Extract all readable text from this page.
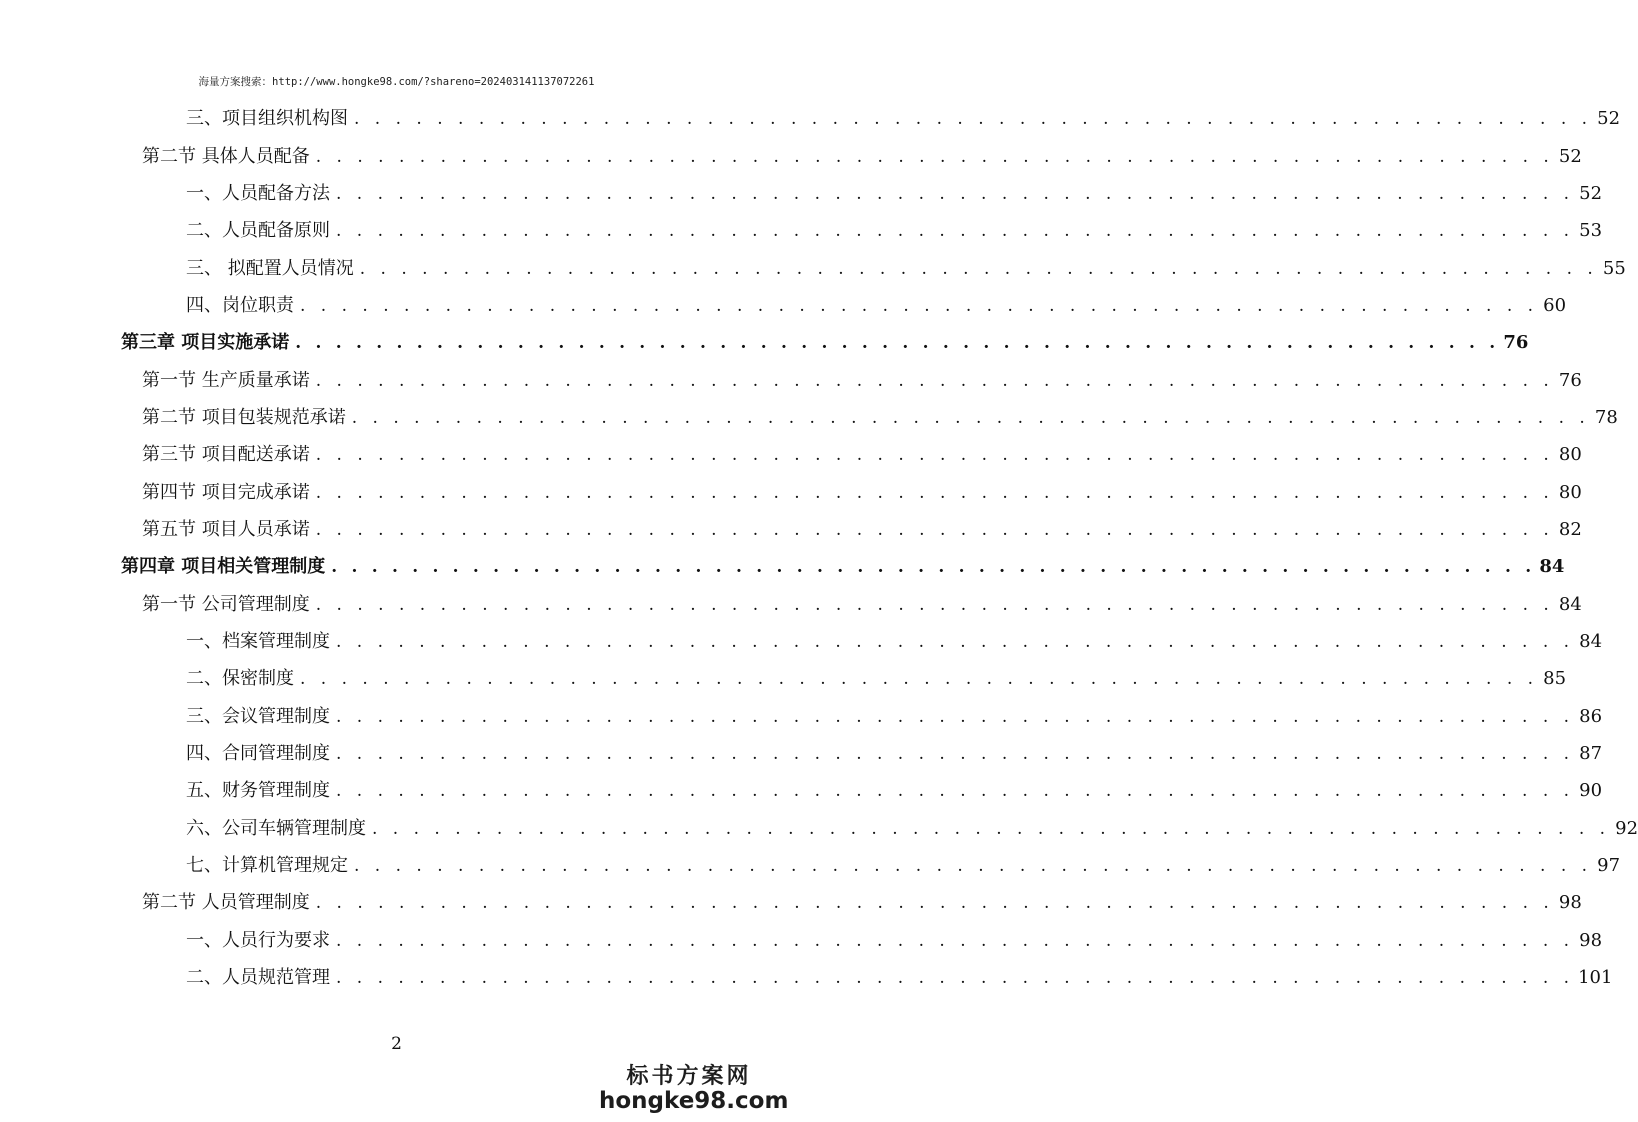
海量方案搜索：http://www.hongke98.com/?shareno=202403141137072261
三、项目组织机构图 . . . . . . . . . . . . . . . . . . . . . . . . . . . . . . . . . . . . . . . . . . . . . . . . . . . . . . . . . . . . 52
第二节 具体人员配备 . . . . . . . . . . . . . . . . . . . . . . . . . . . . . . . . . . . . . . . . . . . . . . . . . . . . . . . . . . . . 52
一、人员配备方法 . . . . . . . . . . . . . . . . . . . . . . . . . . . . . . . . . . . . . . . . . . . . . . . . . . . . . . . . . . . . 52
二、人员配备原则 . . . . . . . . . . . . . . . . . . . . . . . . . . . . . . . . . . . . . . . . . . . . . . . . . . . . . . . . . . . . 53
三、 拟配置人员情况 . . . . . . . . . . . . . . . . . . . . . . . . . . . . . . . . . . . . . . . . . . . . . . . . . . . . . . . . . . . . 55
四、岗位职责 . . . . . . . . . . . . . . . . . . . . . . . . . . . . . . . . . . . . . . . . . . . . . . . . . . . . . . . . . . . . 60
第三章 项目实施承诺 . . . . . . . . . . . . . . . . . . . . . . . . . . . . . . . . . . . . . . . . . . . . . . . . . . . . . . . . . . . . 76
第一节 生产质量承诺 . . . . . . . . . . . . . . . . . . . . . . . . . . . . . . . . . . . . . . . . . . . . . . . . . . . . . . . . . . . . 76
第二节 项目包装规范承诺 . . . . . . . . . . . . . . . . . . . . . . . . . . . . . . . . . . . . . . . . . . . . . . . . . . . . . . . . . . . . 78
第三节 项目配送承诺 . . . . . . . . . . . . . . . . . . . . . . . . . . . . . . . . . . . . . . . . . . . . . . . . . . . . . . . . . . . . 80
第四节 项目完成承诺 . . . . . . . . . . . . . . . . . . . . . . . . . . . . . . . . . . . . . . . . . . . . . . . . . . . . . . . . . . . . 80
第五节 项目人员承诺 . . . . . . . . . . . . . . . . . . . . . . . . . . . . . . . . . . . . . . . . . . . . . . . . . . . . . . . . . . . . 82
第四章 项目相关管理制度 . . . . . . . . . . . . . . . . . . . . . . . . . . . . . . . . . . . . . . . . . . . . . . . . . . . . . . . . . . . . 84
第一节 公司管理制度 . . . . . . . . . . . . . . . . . . . . . . . . . . . . . . . . . . . . . . . . . . . . . . . . . . . . . . . . . . . . 84
一、档案管理制度 . . . . . . . . . . . . . . . . . . . . . . . . . . . . . . . . . . . . . . . . . . . . . . . . . . . . . . . . . . . . 84
二、保密制度 . . . . . . . . . . . . . . . . . . . . . . . . . . . . . . . . . . . . . . . . . . . . . . . . . . . . . . . . . . . . 85
三、会议管理制度 . . . . . . . . . . . . . . . . . . . . . . . . . . . . . . . . . . . . . . . . . . . . . . . . . . . . . . . . . . . . 86
四、合同管理制度 . . . . . . . . . . . . . . . . . . . . . . . . . . . . . . . . . . . . . . . . . . . . . . . . . . . . . . . . . . . . 87
五、财务管理制度 . . . . . . . . . . . . . . . . . . . . . . . . . . . . . . . . . . . . . . . . . . . . . . . . . . . . . . . . . . . . 90
六、公司车辆管理制度 . . . . . . . . . . . . . . . . . . . . . . . . . . . . . . . . . . . . . . . . . . . . . . . . . . . . . . . . . . . . 92
七、计算机管理规定 . . . . . . . . . . . . . . . . . . . . . . . . . . . . . . . . . . . . . . . . . . . . . . . . . . . . . . . . . . . . 97
第二节 人员管理制度 . . . . . . . . . . . . . . . . . . . . . . . . . . . . . . . . . . . . . . . . . . . . . . . . . . . . . . . . . . . . 98
一、人员行为要求 . . . . . . . . . . . . . . . . . . . . . . . . . . . . . . . . . . . . . . . . . . . . . . . . . . . . . . . . . . . . 98
二、人员规范管理 . . . . . . . . . . . . . . . . . . . . . . . . . . . . . . . . . . . . . . . . . . . . . . . . . . . . . . . . . . . . 101
2
标书方案网
hongke98.com
